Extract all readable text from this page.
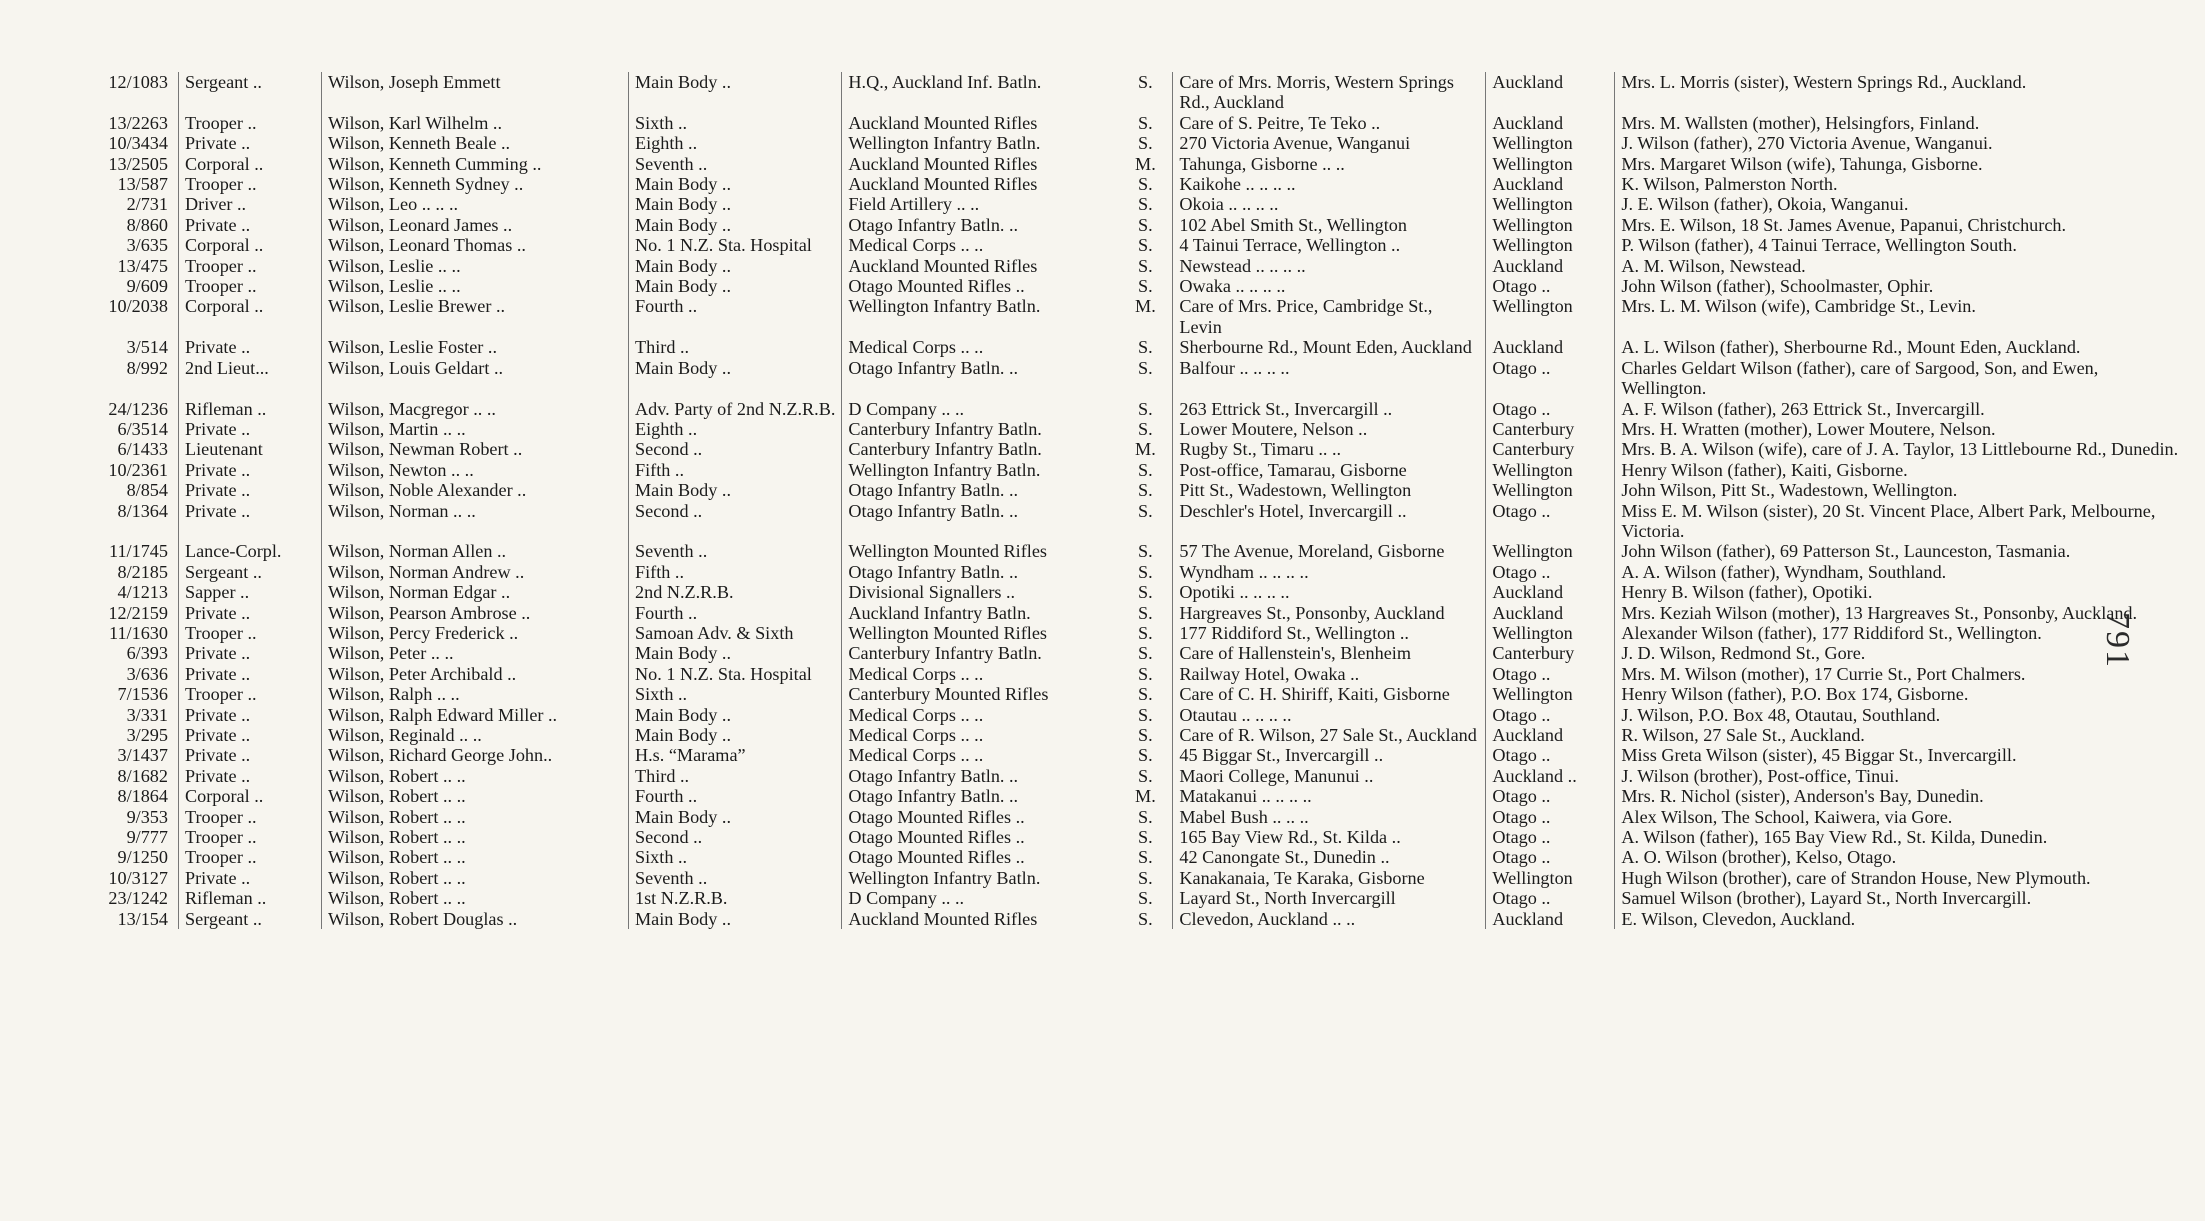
12/1083	Sergeant ..	Wilson, Joseph Emmett	Main Body ..	H.Q., Auckland Inf. Batln.	S.	Care of Mrs. Morris, Western Springs Rd., Auckland	Auckland	Mrs. L. Morris (sister), Western Springs Rd., Auckland.
13/2263	Trooper ..	Wilson, Karl Wilhelm ..	Sixth ..	Auckland Mounted Rifles	S.	Care of S. Peitre, Te Teko ..	Auckland	Mrs. M. Wallsten (mother), Helsingfors, Finland.
10/3434	Private ..	Wilson, Kenneth Beale ..	Eighth ..	Wellington Infantry Batln.	S.	270 Victoria Avenue, Wanganui	Wellington	J. Wilson (father), 270 Victoria Avenue, Wanganui.
13/2505	Corporal ..	Wilson, Kenneth Cumming ..	Seventh ..	Auckland Mounted Rifles	M.	Tahunga, Gisborne .. ..	Wellington	Mrs. Margaret Wilson (wife), Tahunga, Gisborne.
13/587	Trooper ..	Wilson, Kenneth Sydney ..	Main Body ..	Auckland Mounted Rifles	S.	Kaikohe .. .. .. ..	Auckland	K. Wilson, Palmerston North.
2/731	Driver ..	Wilson, Leo .. .. ..	Main Body ..	Field Artillery .. ..	S.	Okoia .. .. .. ..	Wellington	J. E. Wilson (father), Okoia, Wanganui.
8/860	Private ..	Wilson, Leonard James ..	Main Body ..	Otago Infantry Batln. ..	S.	102 Abel Smith St., Wellington	Wellington	Mrs. E. Wilson, 18 St. James Avenue, Papanui, Christchurch.
3/635	Corporal ..	Wilson, Leonard Thomas ..	No. 1 N.Z. Sta. Hospital	Medical Corps .. ..	S.	4 Tainui Terrace, Wellington ..	Wellington	P. Wilson (father), 4 Tainui Terrace, Wellington South.
13/475	Trooper ..	Wilson, Leslie .. ..	Main Body ..	Auckland Mounted Rifles	S.	Newstead .. .. .. ..	Auckland	A. M. Wilson, Newstead.
9/609	Trooper ..	Wilson, Leslie .. ..	Main Body ..	Otago Mounted Rifles ..	S.	Owaka .. .. .. ..	Otago ..	John Wilson (father), Schoolmaster, Ophir.
10/2038	Corporal ..	Wilson, Leslie Brewer ..	Fourth ..	Wellington Infantry Batln.	M.	Care of Mrs. Price, Cambridge St., Levin	Wellington	Mrs. L. M. Wilson (wife), Cambridge St., Levin.
3/514	Private ..	Wilson, Leslie Foster ..	Third ..	Medical Corps .. ..	S.	Sherbourne Rd., Mount Eden, Auckland	Auckland	A. L. Wilson (father), Sherbourne Rd., Mount Eden, Auckland.
8/992	2nd Lieut...	Wilson, Louis Geldart ..	Main Body ..	Otago Infantry Batln. ..	S.	Balfour .. .. .. ..	Otago ..	Charles Geldart Wilson (father), care of Sargood, Son, and Ewen, Wellington.
24/1236	Rifleman ..	Wilson, Macgregor .. ..	Adv. Party of 2nd N.Z.R.B.	D Company .. ..	S.	263 Ettrick St., Invercargill ..	Otago ..	A. F. Wilson (father), 263 Ettrick St., Invercargill.
6/3514	Private ..	Wilson, Martin .. ..	Eighth ..	Canterbury Infantry Batln.	S.	Lower Moutere, Nelson ..	Canterbury	Mrs. H. Wratten (mother), Lower Moutere, Nelson.
6/1433	Lieutenant	Wilson, Newman Robert ..	Second ..	Canterbury Infantry Batln.	M.	Rugby St., Timaru .. ..	Canterbury	Mrs. B. A. Wilson (wife), care of J. A. Taylor, 13 Littlebourne Rd., Dunedin.
10/2361	Private ..	Wilson, Newton .. ..	Fifth ..	Wellington Infantry Batln.	S.	Post-office, Tamarau, Gisborne	Wellington	Henry Wilson (father), Kaiti, Gisborne.
8/854	Private ..	Wilson, Noble Alexander ..	Main Body ..	Otago Infantry Batln. ..	S.	Pitt St., Wadestown, Wellington	Wellington	John Wilson, Pitt St., Wadestown, Wellington.
8/1364	Private ..	Wilson, Norman .. ..	Second ..	Otago Infantry Batln. ..	S.	Deschler's Hotel, Invercargill ..	Otago ..	Miss E. M. Wilson (sister), 20 St. Vincent Place, Albert Park, Melbourne, Victoria.
11/1745	Lance-Corpl.	Wilson, Norman Allen ..	Seventh ..	Wellington Mounted Rifles	S.	57 The Avenue, Moreland, Gisborne	Wellington	John Wilson (father), 69 Patterson St., Launceston, Tasmania.
8/2185	Sergeant ..	Wilson, Norman Andrew ..	Fifth ..	Otago Infantry Batln. ..	S.	Wyndham .. .. .. ..	Otago ..	A. A. Wilson (father), Wyndham, Southland.
4/1213	Sapper ..	Wilson, Norman Edgar ..	2nd N.Z.R.B.	Divisional Signallers ..	S.	Opotiki .. .. .. ..	Auckland	Henry B. Wilson (father), Opotiki.
12/2159	Private ..	Wilson, Pearson Ambrose ..	Fourth ..	Auckland Infantry Batln.	S.	Hargreaves St., Ponsonby, Auckland	Auckland	Mrs. Keziah Wilson (mother), 13 Hargreaves St., Ponsonby, Auckland.
11/1630	Trooper ..	Wilson, Percy Frederick ..	Samoan Adv. & Sixth	Wellington Mounted Rifles	S.	177 Riddiford St., Wellington ..	Wellington	Alexander Wilson (father), 177 Riddiford St., Wellington.
6/393	Private ..	Wilson, Peter .. ..	Main Body ..	Canterbury Infantry Batln.	S.	Care of Hallenstein's, Blenheim	Canterbury	J. D. Wilson, Redmond St., Gore.
3/636	Private ..	Wilson, Peter Archibald ..	No. 1 N.Z. Sta. Hospital	Medical Corps .. ..	S.	Railway Hotel, Owaka ..	Otago ..	Mrs. M. Wilson (mother), 17 Currie St., Port Chalmers.
7/1536	Trooper ..	Wilson, Ralph .. ..	Sixth ..	Canterbury Mounted Rifles	S.	Care of C. H. Shiriff, Kaiti, Gisborne	Wellington	Henry Wilson (father), P.O. Box 174, Gisborne.
3/331	Private ..	Wilson, Ralph Edward Miller ..	Main Body ..	Medical Corps .. ..	S.	Otautau .. .. .. ..	Otago ..	J. Wilson, P.O. Box 48, Otautau, Southland.
3/295	Private ..	Wilson, Reginald .. ..	Main Body ..	Medical Corps .. ..	S.	Care of R. Wilson, 27 Sale St., Auckland	Auckland	R. Wilson, 27 Sale St., Auckland.
3/1437	Private ..	Wilson, Richard George John..	H.s. “Marama”	Medical Corps .. ..	S.	45 Biggar St., Invercargill ..	Otago ..	Miss Greta Wilson (sister), 45 Biggar St., Invercargill.
8/1682	Private ..	Wilson, Robert .. ..	Third ..	Otago Infantry Batln. ..	S.	Maori College, Manunui ..	Auckland ..	J. Wilson (brother), Post-office, Tinui.
8/1864	Corporal ..	Wilson, Robert .. ..	Fourth ..	Otago Infantry Batln. ..	M.	Matakanui .. .. .. ..	Otago ..	Mrs. R. Nichol (sister), Anderson's Bay, Dunedin.
9/353	Trooper ..	Wilson, Robert .. ..	Main Body ..	Otago Mounted Rifles ..	S.	Mabel Bush .. .. ..	Otago ..	Alex Wilson, The School, Kaiwera, via Gore.
9/777	Trooper ..	Wilson, Robert .. ..	Second ..	Otago Mounted Rifles ..	S.	165 Bay View Rd., St. Kilda ..	Otago ..	A. Wilson (father), 165 Bay View Rd., St. Kilda, Dunedin.
9/1250	Trooper ..	Wilson, Robert .. ..	Sixth ..	Otago Mounted Rifles ..	S.	42 Canongate St., Dunedin ..	Otago ..	A. O. Wilson (brother), Kelso, Otago.
10/3127	Private ..	Wilson, Robert .. ..	Seventh ..	Wellington Infantry Batln.	S.	Kanakanaia, Te Karaka, Gisborne	Wellington	Hugh Wilson (brother), care of Strandon House, New Plymouth.
23/1242	Rifleman ..	Wilson, Robert .. ..	1st N.Z.R.B.	D Company .. ..	S.	Layard St., North Invercargill	Otago ..	Samuel Wilson (brother), Layard St., North Invercargill.
13/154	Sergeant ..	Wilson, Robert Douglas ..	Main Body ..	Auckland Mounted Rifles	S.	Clevedon, Auckland .. ..	Auckland	E. Wilson, Clevedon, Auckland.
791
